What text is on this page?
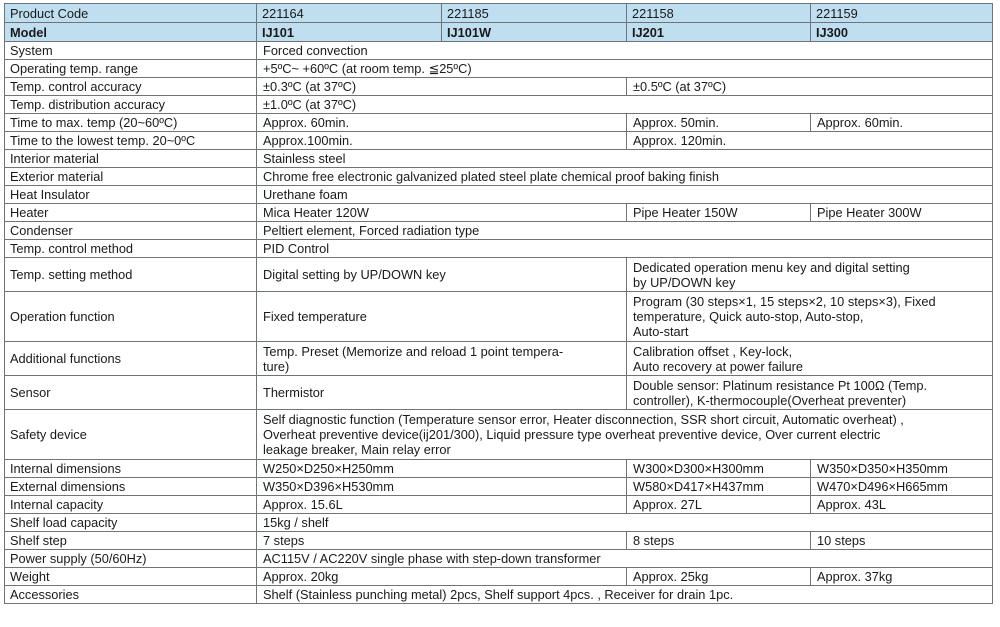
Product Code	221164	221185	221158	221159
Model	IJ101	IJ101W	IJ201	IJ300
System	Forced convection			
Operating temp. range	+5ºC~ +60ºC (at room temp. ≦25ºC)			
Temp. control accuracy	±0.3ºC (at 37ºC)		±0.5ºC (at 37ºC)	
Temp. distribution accuracy	±1.0ºC (at 37ºC)			
Time to max. temp (20~60ºC)	Approx. 60min.		Approx. 50min.	Approx. 60min.
Time to the lowest temp. 20~0ºC	Approx.100min.		Approx. 120min.	
Interior material	Stainless steel			
Exterior material	Chrome free electronic galvanized plated steel plate chemical proof baking finish			
Heat Insulator	Urethane foam			
Heater	Mica Heater 120W		Pipe Heater 150W	Pipe Heater 300W
Condenser	Peltiert element, Forced radiation type			
Temp. control method	PID Control			
Temp. setting method	Digital setting by UP/DOWN key		Dedicated operation menu key and digital setting
by UP/DOWN key	
Operation function	Fixed temperature		Program (30 steps×1, 15 steps×2, 10 steps×3), Fixed
temperature, Quick auto-stop, Auto-stop,
Auto-start	
Additional functions	Temp. Preset (Memorize and reload 1 point tempera-
ture)		Calibration offset , Key-lock,
Auto recovery at power failure	
Sensor	Thermistor		Double sensor: Platinum resistance Pt 100Ω (Temp.
controller), K-thermocouple(Overheat preventer)	
Safety device	Self diagnostic function (Temperature sensor error, Heater disconnection, SSR short circuit, Automatic overheat) ,
Overheat preventive device(ij201/300), Liquid pressure type overheat preventive device, Over current electric
leakage breaker, Main relay error			
Internal dimensions	W250×D250×H250mm		W300×D300×H300mm	W350×D350×H350mm
External dimensions	W350×D396×H530mm		W580×D417×H437mm	W470×D496×H665mm
Internal capacity	Approx. 15.6L		Approx. 27L	Approx. 43L
Shelf load capacity	15kg / shelf			
Shelf step	7 steps		8 steps	10 steps
Power supply (50/60Hz)	AC115V / AC220V single phase with step-down transformer			
Weight	Approx. 20kg		Approx. 25kg	Approx. 37kg
Accessories	Shelf (Stainless punching metal) 2pcs, Shelf support 4pcs. , Receiver for drain 1pc.			
